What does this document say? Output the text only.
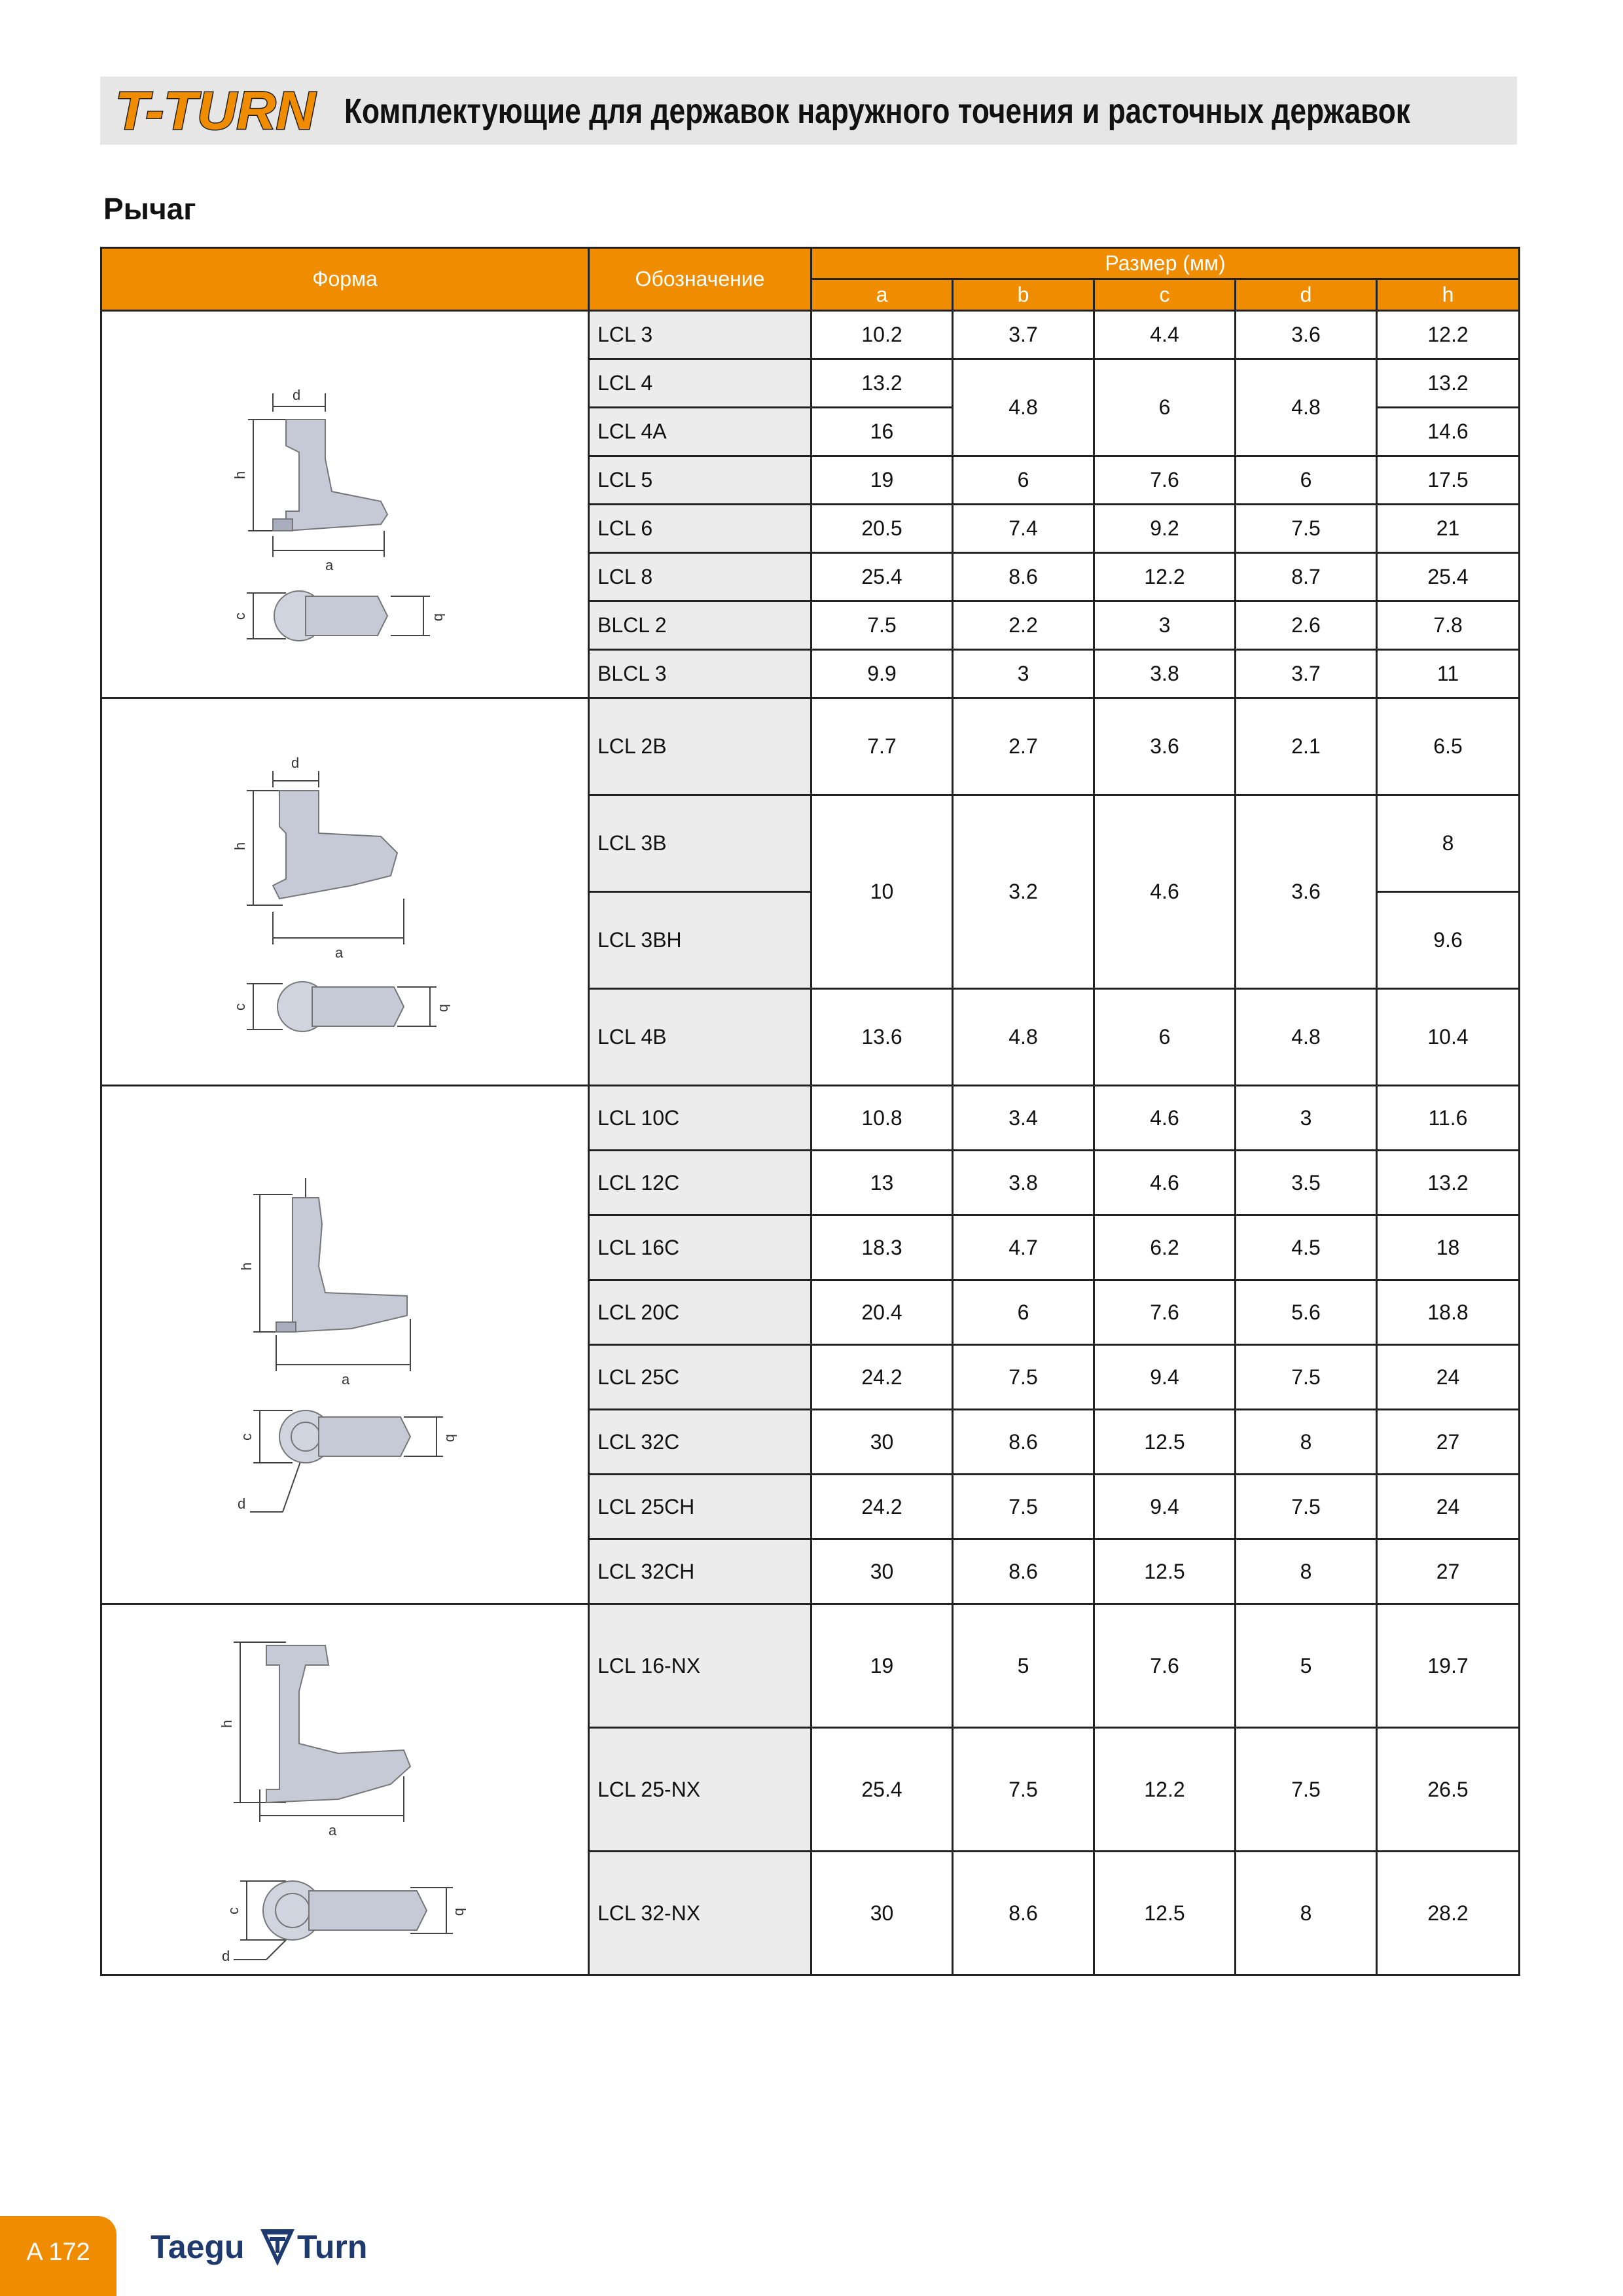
T-TURN Комплектующие для державок наружного точения и расточных державок
Рычаг
Форма	Обозначение	Размер (мм)				
		a	b	c	d	h

d
h
a
c b	LCL 3	10.2	3.7	4.4	3.6	12.2
	LCL 4	13.2	4.8	6	4.8	13.2
	LCL 4A	16				14.6
	LCL 5	19	6	7.6	6	17.5
	LCL 6	20.5	7.4	9.2	7.5	21
	LCL 8	25.4	8.6	12.2	8.7	25.4
	BLCL 2	7.5	2.2	3	2.6	7.8
	BLCL 3	9.9	3	3.8	3.7	11

d
h
a
c b	LCL 2B	7.7	2.7	3.6	2.1	6.5
	LCL 3B	10	3.2	4.6	3.6	8
	LCL 3BH					9.6
	LCL 4B	13.6	4.8	6	4.8	10.4

h
a
c b
d	LCL 10C	10.8	3.4	4.6	3	11.6
	LCL 12C	13	3.8	4.6	3.5	13.2
	LCL 16C	18.3	4.7	6.2	4.5	18
	LCL 20C	20.4	6	7.6	5.6	18.8
	LCL 25C	24.2	7.5	9.4	7.5	24
	LCL 32C	30	8.6	12.5	8	27
	LCL 25CH	24.2	7.5	9.4	7.5	24
	LCL 32CH	30	8.6	12.5	8	27

h
a
c b
d	LCL 16-NX	19	5	7.6	5	19.7
	LCL 25-NX	25.4	7.5	12.2	7.5	26.5
	LCL 32-NX	30	8.6	12.5	8	28.2
A 172	Taegu Turn
